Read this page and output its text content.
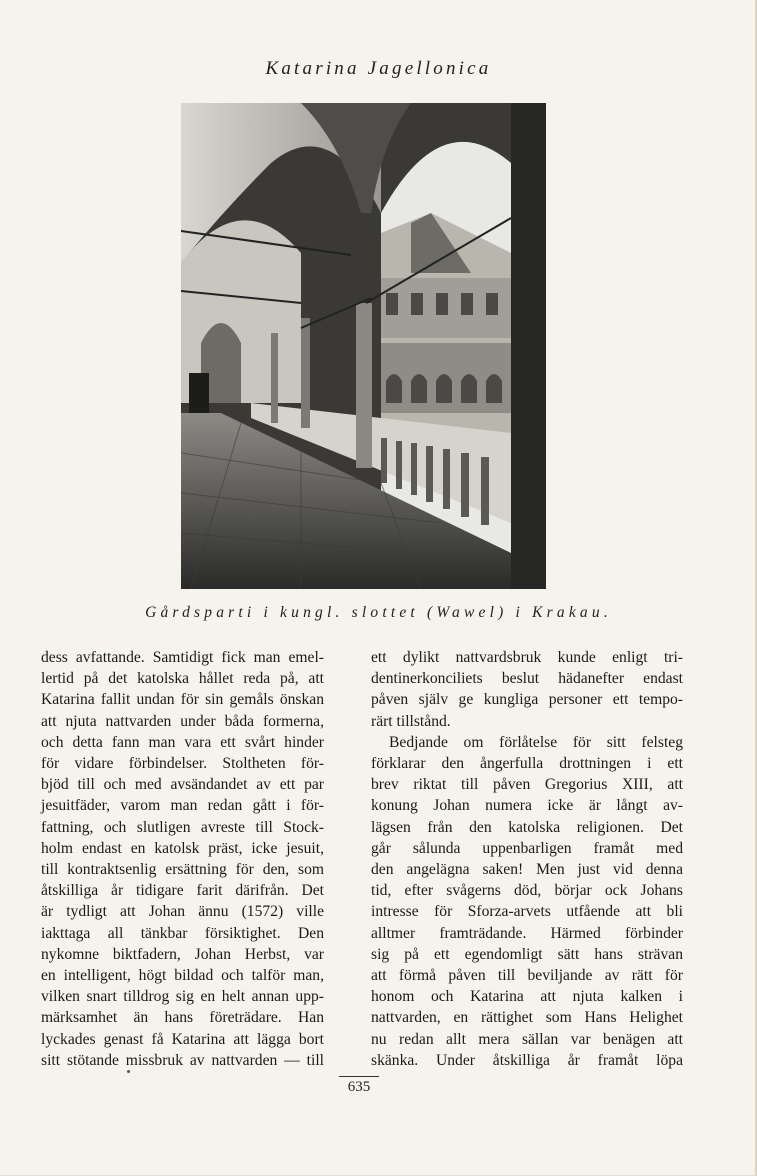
Katarina Jagellonica
Gårdsparti i kungl. slottet (Wawel) i Krakau.

dess avfattande. Samtidigt fick man emel-
lertid på det katolska hållet reda på, att
Katarina fallit undan för sin gemåls önskan
att njuta nattvarden under båda formerna,
och detta fann man vara ett svårt hinder
för vidare förbindelser. Stoltheten för-
bjöd till och med avsändandet av ett par
jesuitfäder, varom man redan gått i för-
fattning, och slutligen avreste till Stock-
holm endast en katolsk präst, icke jesuit,
till kontraktsenlig ersättning för den, som
åtskilliga år tidigare farit därifrån. Det
är tydligt att Johan ännu (1572) ville
iakttaga all tänkbar försiktighet. Den
nykomne biktfadern, Johan Herbst, var
en intelligent, högt bildad och talför man,
vilken snart tilldrog sig en helt annan upp-
märksamhet än hans företrädare. Han
lyckades genast få Katarina att lägga bort
sitt stötande missbruk av nattvarden — till

ett dylikt nattvardsbruk kunde enligt tri-
dentinerkonciliets beslut hädanefter endast
påven själv ge kungliga personer ett tempo-
rärt tillstånd.

Bedjande om förlåtelse för sitt felsteg
förklarar den ångerfulla drottningen i ett
brev riktat till påven Gregorius XIII, att
konung Johan numera icke är långt av-
lägsen från den katolska religionen. Det
går sålunda uppenbarligen framåt med
den angelägna saken! Men just vid denna
tid, efter svågerns död, börjar ock Johans
intresse för Sforza-arvets utfående att bli
alltmer framträdande. Härmed förbinder
sig på ett egendomligt sätt hans strävan
att förmå påven till beviljande av rätt för
honom och Katarina att njuta kalken i
nattvarden, en rättighet som Hans Helighet
nu redan allt mera sällan var benägen att
skänka. Under åtskilliga år framåt löpa

635
